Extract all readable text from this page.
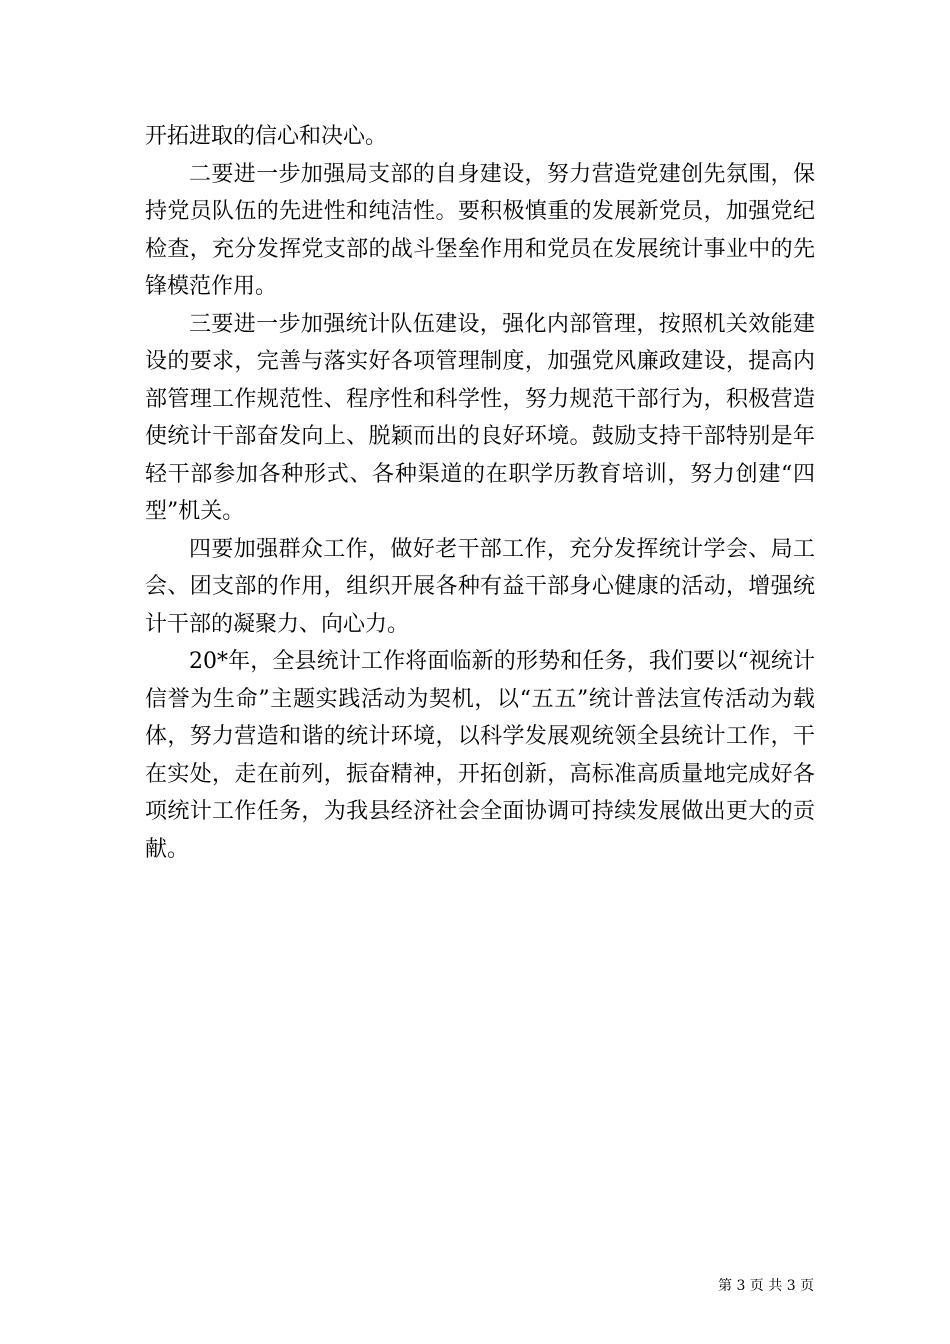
开拓进取的信心和决心。

二要进一步加强局支部的自身建设，努力营造党建创先氛围，保持党员队伍的先进性和纯洁性。要积极慎重的发展新党员，加强党纪检查，充分发挥党支部的战斗堡垒作用和党员在发展统计事业中的先锋模范作用。

三要进一步加强统计队伍建设，强化内部管理，按照机关效能建设的要求，完善与落实好各项管理制度，加强党风廉政建设，提高内部管理工作规范性、程序性和科学性，努力规范干部行为，积极营造使统计干部奋发向上、脱颖而出的良好环境。鼓励支持干部特别是年轻干部参加各种形式、各种渠道的在职学历教育培训，努力创建“四型”机关。

四要加强群众工作，做好老干部工作，充分发挥统计学会、局工会、团支部的作用，组织开展各种有益干部身心健康的活动，增强统计干部的凝聚力、向心力。

20*年，全县统计工作将面临新的形势和任务，我们要以“视统计信誉为生命”主题实践活动为契机，以“五五”统计普法宣传活动为载体，努力营造和谐的统计环境，以科学发展观统领全县统计工作，干在实处，走在前列，振奋精神，开拓创新，高标准高质量地完成好各项统计工作任务，为我县经济社会全面协调可持续发展做出更大的贡献。

第 3 页 共 3 页
